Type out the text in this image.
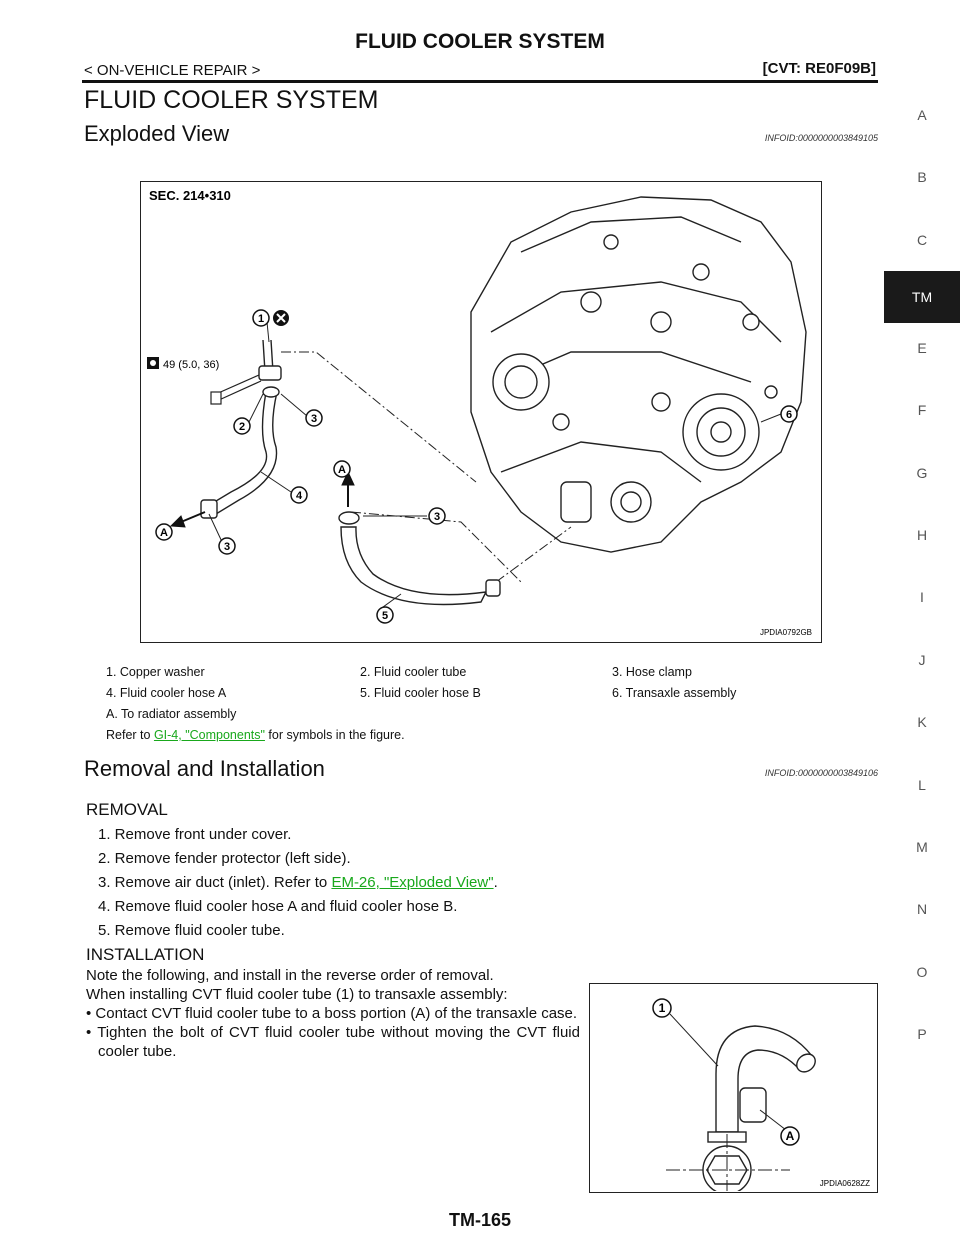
FLUID COOLER SYSTEM
< ON-VEHICLE REPAIR >	[CVT: RE0F09B]
FLUID COOLER SYSTEM
Exploded View	INFOID:0000000003849105
A
B
C
TM
E
F
G
H
I
J
K
L
M
N
O
P
SEC. 214•310
49 (5.0, 36)
1
2
3
4
A
3
3
5
6
A
JPDIA0792GB
1. Copper washer	2. Fluid cooler tube	3. Hose clamp
4. Fluid cooler hose A	5. Fluid cooler hose B	6. Transaxle assembly
A. To radiator assembly
Refer to GI-4, "Components" for symbols in the figure.
Removal and Installation	INFOID:0000000003849106
REMOVAL
1. Remove front under cover.
2. Remove fender protector (left side).
3. Remove air duct (inlet). Refer to EM-26, "Exploded View".
4. Remove fluid cooler hose A and fluid cooler hose B.
5. Remove fluid cooler tube.
INSTALLATION

Note the following, and install in the reverse order of removal.

When installing CVT fluid cooler tube (1) to transaxle assembly:

• Contact CVT fluid cooler tube to a boss portion (A) of the transaxle case.

• Tighten the bolt of CVT fluid cooler tube without moving the CVT fluid cooler tube.

1
A
JPDIA0628ZZ
TM-165
